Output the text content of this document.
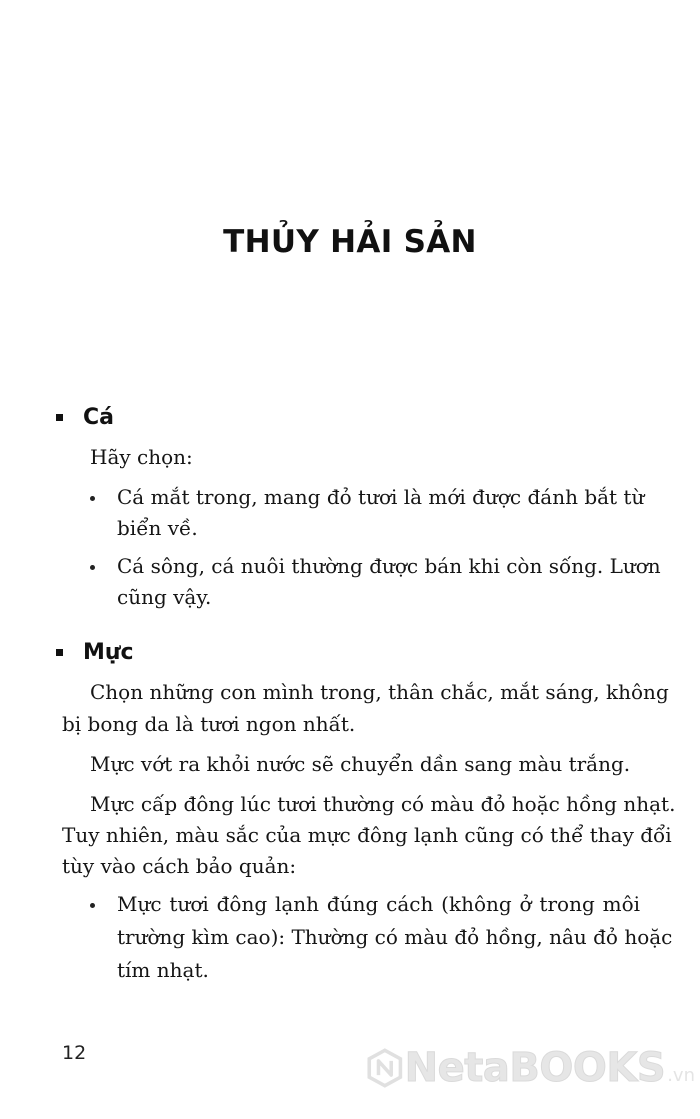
THỦY HẢI SẢN
Cá
Hãy chọn:
Cá mắt trong, mang đỏ tươi là mới được đánh bắt từ
biển về.
Cá sông, cá nuôi thường được bán khi còn sống. Lươn
cũng vậy.
Mực
Chọn những con mình trong, thân chắc, mắt sáng, không
bị bong da là tươi ngon nhất.
Mực vớt ra khỏi nước sẽ chuyển dần sang màu trắng.
Mực cấp đông lúc tươi thường có màu đỏ hoặc hồng nhạt.
Tuy nhiên, màu sắc của mực đông lạnh cũng có thể thay đổi
tùy vào cách bảo quản:
Mực tươi đông lạnh đúng cách (không ở trong môi
trường kìm cao): Thường có màu đỏ hồng, nâu đỏ hoặc
tím nhạt.
12	NetaBOOKS .vn
